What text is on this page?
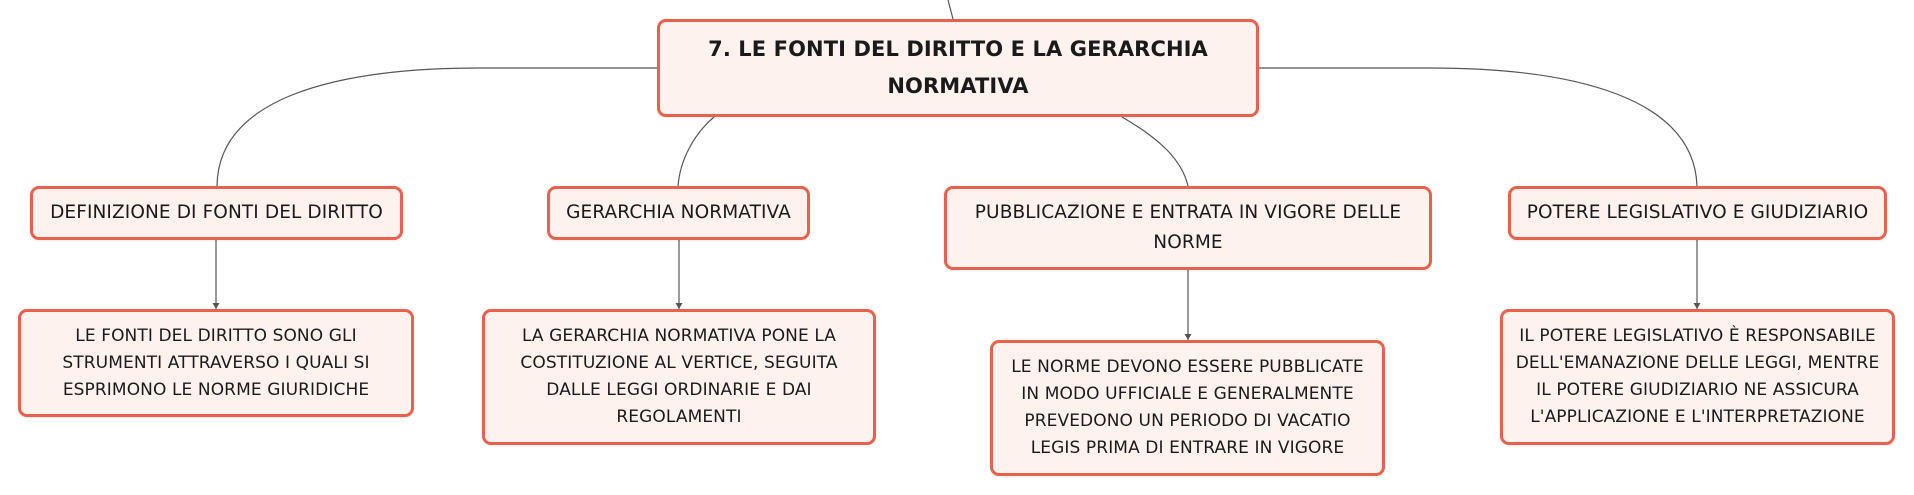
7. LE FONTI DEL DIRITTO E LA GERARCHIA NORMATIVA
DEFINIZIONE DI FONTI DEL DIRITTO	GERARCHIA NORMATIVA	PUBBLICAZIONE E ENTRATA IN VIGORE DELLE NORME
POTERE LEGISLATIVO E GIUDIZIARIO
LE FONTI DEL DIRITTO SONO GLI STRUMENTI ATTRAVERSO I QUALI SI ESPRIMONO LE NORME GIURIDICHE
LA GERARCHIA NORMATIVA PONE LA COSTITUZIONE AL VERTICE, SEGUITA DALLE LEGGI ORDINARIE E DAI REGOLAMENTI
LE NORME DEVONO ESSERE PUBBLICATE IN MODO UFFICIALE E GENERALMENTE PREVEDONO UN PERIODO DI VACATIO LEGIS PRIMA DI ENTRARE IN VIGORE
IL POTERE LEGISLATIVO È RESPONSABILE DELL'EMANAZIONE DELLE LEGGI, MENTRE IL POTERE GIUDIZIARIO NE ASSICURA L'APPLICAZIONE E L'INTERPRETAZIONE
